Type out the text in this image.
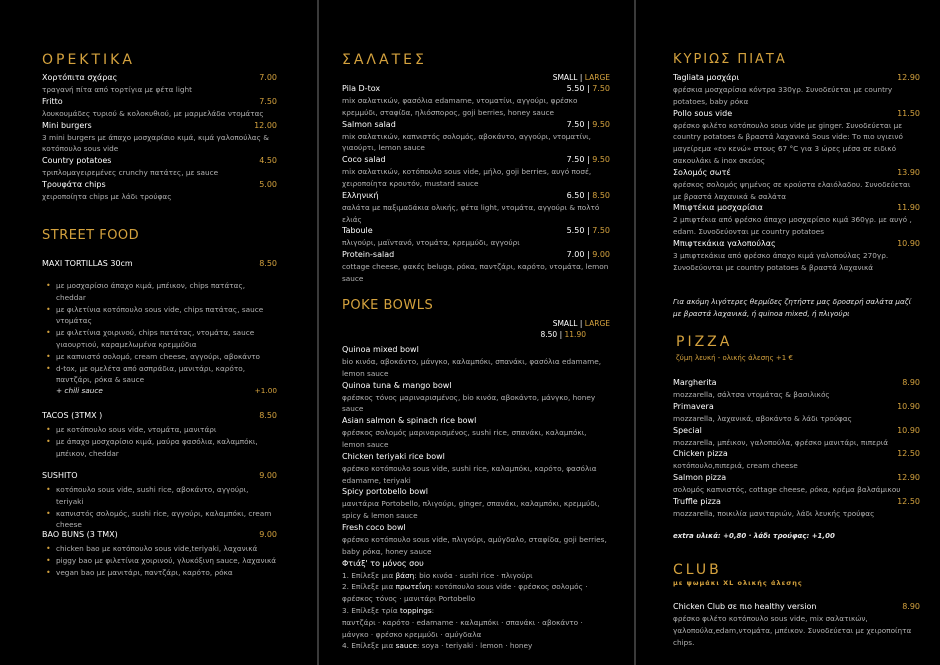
ΟΡΕΚΤΙΚΑ
Χορτόπιτα σχάρας	7.00
τραγανή πίτα από τορτίγια με φέτα light
Fritto	7.50
λουκουμάδες τυριού & κολοκυθιού, με μαρμελάδα ντομάτας
Mini burgers	12.00
3 mini burgers με άπαχο μοσχαρίσιο κιμά, κιμά γαλοπούλας & κοτόπουλο sous vide
Country potatoes	4.50
τριπλομαγειρεμένες crunchy πατάτες, με sauce
Τρουφάτα chips	5.00
χειροποίητα chips με λάδι τρούφας
STREET FOOD
MAXI TORTILLAS 30cm	8.50
• με μοσχαρίσιο άπαχο κιμά, μπέικον, chips πατάτας, cheddar
• με φιλετίνια κοτόπουλο sous vide, chips πατάτας, sauce ντομάτας
• με φιλετίνια χοιρινού, chips πατάτας, ντομάτα, sauce γιαουρτιού, καραμελωμένα κρεμμύδια
• με καπνιστό σολομό, cream cheese, αγγούρι, αβοκάντο
• d-tox, με ομελέτα από ασπράδια, μανιτάρι, καρότο, παντζάρι, ρόκα & sauce
+ chili sauce	+1.00
TACOS (3TMX )	8.50
• με κοτόπουλο sous vide, ντομάτα, μανιτάρι
• με άπαχο μοσχαρίσιο κιμά, μαύρα φασόλια, καλαμπόκι, μπέικον, cheddar
SUSHITO	9.00
• κοτόπουλο sous vide, sushi rice, αβοκάντο, αγγούρι, teriyaki
• καπνιστός σολομός, sushi rice, αγγούρι, καλαμπόκι, cream cheese
BAO BUNS (3 TMX)	9.00
• chicken bao με κοτόπουλο sous vide,teriyaki, λαχανικά
• piggy bao με φιλετίνια χοιρινού, γλυκόξινη sauce, λαχανικά
• vegan bao με μανιτάρι, παντζάρι, καρότο, ρόκα
ΣΑΛΑΤΕΣ
SMALL | LARGE
Pila D-tox	5.50 | 7.50
mix σαλατικών, φασόλια edamame, ντοματίνι, αγγούρι, φρέσκο κρεμμύδι, σταφίδα, ηλιόσπορος, goji berries, honey sauce
Salmon salad	7.50 | 9.50
mix σαλατικών, καπνιστός σολομός, αβοκάντο, αγγούρι, ντοματίνι, γιαούρτι, lemon sauce
Coco salad	7.50 | 9.50
mix σαλατικών, κοτόπουλο sous vide, μήλο, goji berries, αυγό ποσέ, χειροποίητα κρουτόν, mustard sauce
Ελληνική	6.50 | 8.50
σαλάτα με παξιμαδάκια ολικής, φέτα light, ντομάτα, αγγούρι & πολτό ελιάς
Taboule	5.50 | 7.50
πλιγούρι, μαϊντανό, ντομάτα, κρεμμύδι, αγγούρι
Protein-salad	7.00 | 9.00
cottage cheese, φακές beluga, ρόκα, παντζάρι, καρότο, ντομάτα, lemon sauce
POKE BOWLS
SMALL | LARGE
8.50 | 11.90
Quinoa mixed bowl
bio κινόα, αβοκάντο, μάνγκο, καλαμπόκι, σπανάκι, φασόλια edamame, lemon sauce
Quinoa tuna & mango bowl
φρέσκος τόνος μαριναρισμένος, bio κινόα, αβοκάντο, μάνγκο, honey sauce
Asian salmon & spinach rice bowl
φρέσκος σολομός μαριναρισμένος, sushi rice, σπανάκι, καλαμπόκι, lemon sauce
Chicken teriyaki rice bowl
φρέσκο κοτόπουλο sous vide, sushi rice, καλαμπόκι, καρότο, φασόλια edamame, teriyaki
Spicy portobello bowl
μανιτάρια Portobello, πλιγούρι, ginger, σπανάκι, καλαμπόκι, κρεμμύδι, spicy & lemon sauce
Fresh coco bowl
φρέσκο κοτόπουλο sous vide, πλιγούρι, αμύγδαλο, σταφίδα, goji berries, baby ρόκα, honey sauce
Φτιάξ' το μόνος σου
1. Επίλεξε μια βάση: bio κινόα · sushi rice · πλιγούρι
2. Επίλεξε μια πρωτεΐνη: κοτόπουλο sous vide · φρέσκος σολομός · φρέσκος τόνος · μανιτάρι Portobello
3. Επίλεξε τρία toppings:
παντζάρι · καρότο · edamame · καλαμπόκι · σπανάκι · αβοκάντο · μάνγκο · φρέσκο κρεμμύδι · αμύγδαλα
4. Επίλεξε μια sauce: soya · teriyaki · lemon · honey
ΚΥΡΙΩΣ ΠΙΑΤΑ
Tagliata μοσχάρι	12.90
φρέσκια μοσχαρίσια κόντρα 330γρ. Συνοδεύεται με country potatoes, baby ρόκα
Pollo sous vide	11.50
φρέσκο φιλέτο κοτόπουλο sous vide με ginger. Συνοδεύεται με country potatoes & βραστά λαχανικά Sous vide: Το πιο υγιεινό μαγείρεμα «εν κενώ» στους 67 °C για 3 ώρες μέσα σε ειδικό σακουλάκι & inox σκεύος
Σολομός σωτέ	13.90
φρέσκος σολομός ψημένος σε κρούστα ελαιόλαδου. Συνοδεύεται με βραστά λαχανικά & σαλάτα
Μπιφτέκια μοσχαρίσια	11.90
2 μπιφτέκια από φρέσκο άπαχο μοσχαρίσιο κιμά 360γρ. με αυγό , edam. Συνοδεύονται με country potatoes
Μπιφτεκάκια γαλοπούλας	10.90
3 μπιφτεκάκια από φρέσκο άπαχο κιμά γαλοπούλας 270γρ. Συνοδεύονται με country potatoes & βραστά λαχανικά
Για ακόμη λιγότερες θερμίδες ζητήστε μας δροσερή σαλάτα μαζί με βραστά λαχανικά, ή quinoa mixed, ή πλιγούρι
PIZZA
ζύμη λευκή - ολικής άλεσης +1 €
Margherita	8.90
mozzarella, σάλτσα ντομάτας & βασιλικός
Primavera	10.90
mozzarella, λαχανικά, αβοκάντο & λάδι τρούφας
Special	10.90
mozzarella, μπέικον, γαλοπούλα, φρέσκο μανιτάρι, πιπεριά
Chicken pizza	12.50
κοτόπουλο,πιπεριά, cream cheese
Salmon pizza	12.90
σολομός καπνιστός, cottage cheese, ρόκα, κρέμα βαλσάμικου
Truffle pizza	12.50
mozzarella, ποικιλία μανιταριών, λάδι λευκής τρούφας
extra υλικά: +0,80 · λάδι τρούφας: +1,00
CLUB
με ψωμάκι XL ολικής άλεσης
Chicken Club σε πιο healthy version	8.90
φρέσκο φιλέτο κοτόπουλο sous vide, mix σαλατικών, γαλοπούλα,edam,ντομάτα, μπέικον. Συνοδεύεται με χειροποίητα chips.
